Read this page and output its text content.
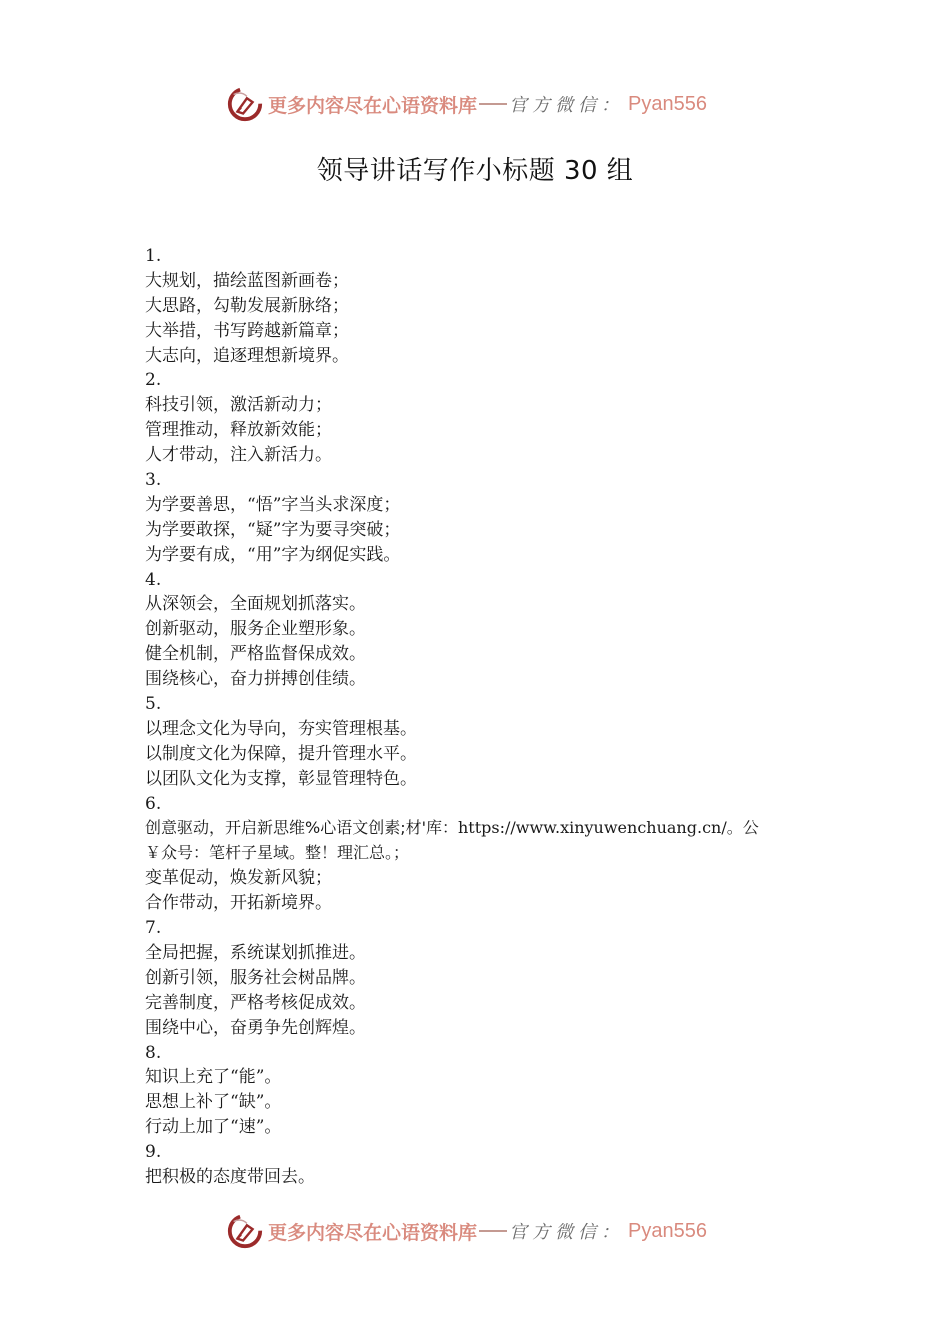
更多内容尽在心语资料库 官方微信： Pyan556
领导讲话写作小标题 30 组
1.
大规划，描绘蓝图新画卷；
大思路，勾勒发展新脉络；
大举措，书写跨越新篇章；
大志向，追逐理想新境界。
2.
科技引领，激活新动力；
管理推动，释放新效能；
人才带动，注入新活力。
3.
为学要善思，“悟”字当头求深度；
为学要敢探，“疑”字为要寻突破；
为学要有成，“用”字为纲促实践。
4.
从深领会，全面规划抓落实。
创新驱动，服务企业塑形象。
健全机制，严格监督保成效。
围绕核心，奋力拼搏创佳绩。
5.
以理念文化为导向，夯实管理根基。
以制度文化为保障，提升管理水平。
以团队文化为支撑，彰显管理特色。
6.
创意驱动，开启新思维%心语文创素;材'库：https://www.xinyuwenchuang.cn/。公
￥众号：笔杆子星域。整！理汇总。；
变革促动，焕发新风貌；
合作带动，开拓新境界。
7.
全局把握，系统谋划抓推进。
创新引领，服务社会树品牌。
完善制度，严格考核促成效。
围绕中心，奋勇争先创辉煌。
8.
知识上充了“能”。
思想上补了“缺”。
行动上加了“速”。
9.
把积极的态度带回去。
更多内容尽在心语资料库 官方微信： Pyan556
